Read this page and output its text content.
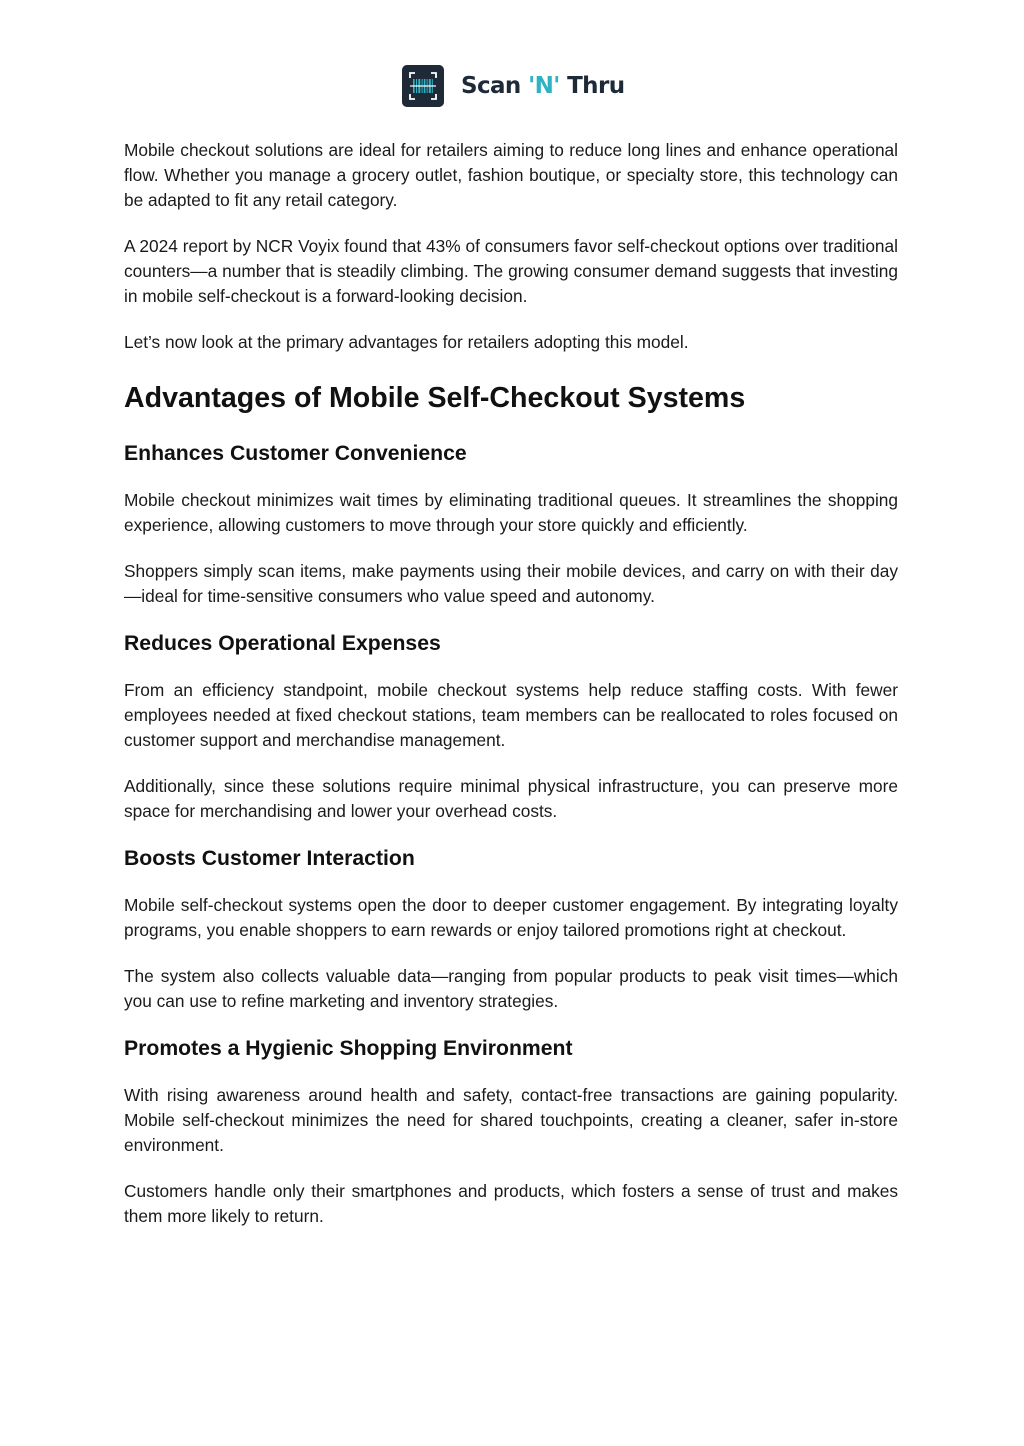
Scan 'N' Thru

Mobile checkout solutions are ideal for retailers aiming to reduce long lines and enhance operational flow. Whether you manage a grocery outlet, fashion boutique, or specialty store, this technology can be adapted to fit any retail category.

A 2024 report by NCR Voyix found that 43% of consumers favor self-checkout options over traditional counters—a number that is steadily climbing. The growing consumer demand suggests that investing in mobile self-checkout is a forward-looking decision.

Let’s now look at the primary advantages for retailers adopting this model.

Advantages of Mobile Self-Checkout Systems
Enhances Customer Convenience

Mobile checkout minimizes wait times by eliminating traditional queues. It streamlines the shopping experience, allowing customers to move through your store quickly and efficiently.

Shoppers simply scan items, make payments using their mobile devices, and carry on with their day—ideal for time-sensitive consumers who value speed and autonomy.

Reduces Operational Expenses

From an efficiency standpoint, mobile checkout systems help reduce staffing costs. With fewer employees needed at fixed checkout stations, team members can be reallocated to roles focused on customer support and merchandise management.

Additionally, since these solutions require minimal physical infrastructure, you can preserve more space for merchandising and lower your overhead costs.

Boosts Customer Interaction

Mobile self-checkout systems open the door to deeper customer engagement. By integrating loyalty programs, you enable shoppers to earn rewards or enjoy tailored promotions right at checkout.

The system also collects valuable data—ranging from popular products to peak visit times—which you can use to refine marketing and inventory strategies.

Promotes a Hygienic Shopping Environment

With rising awareness around health and safety, contact-free transactions are gaining popularity. Mobile self-checkout minimizes the need for shared touchpoints, creating a cleaner, safer in-store environment.

Customers handle only their smartphones and products, which fosters a sense of trust and makes them more likely to return.
